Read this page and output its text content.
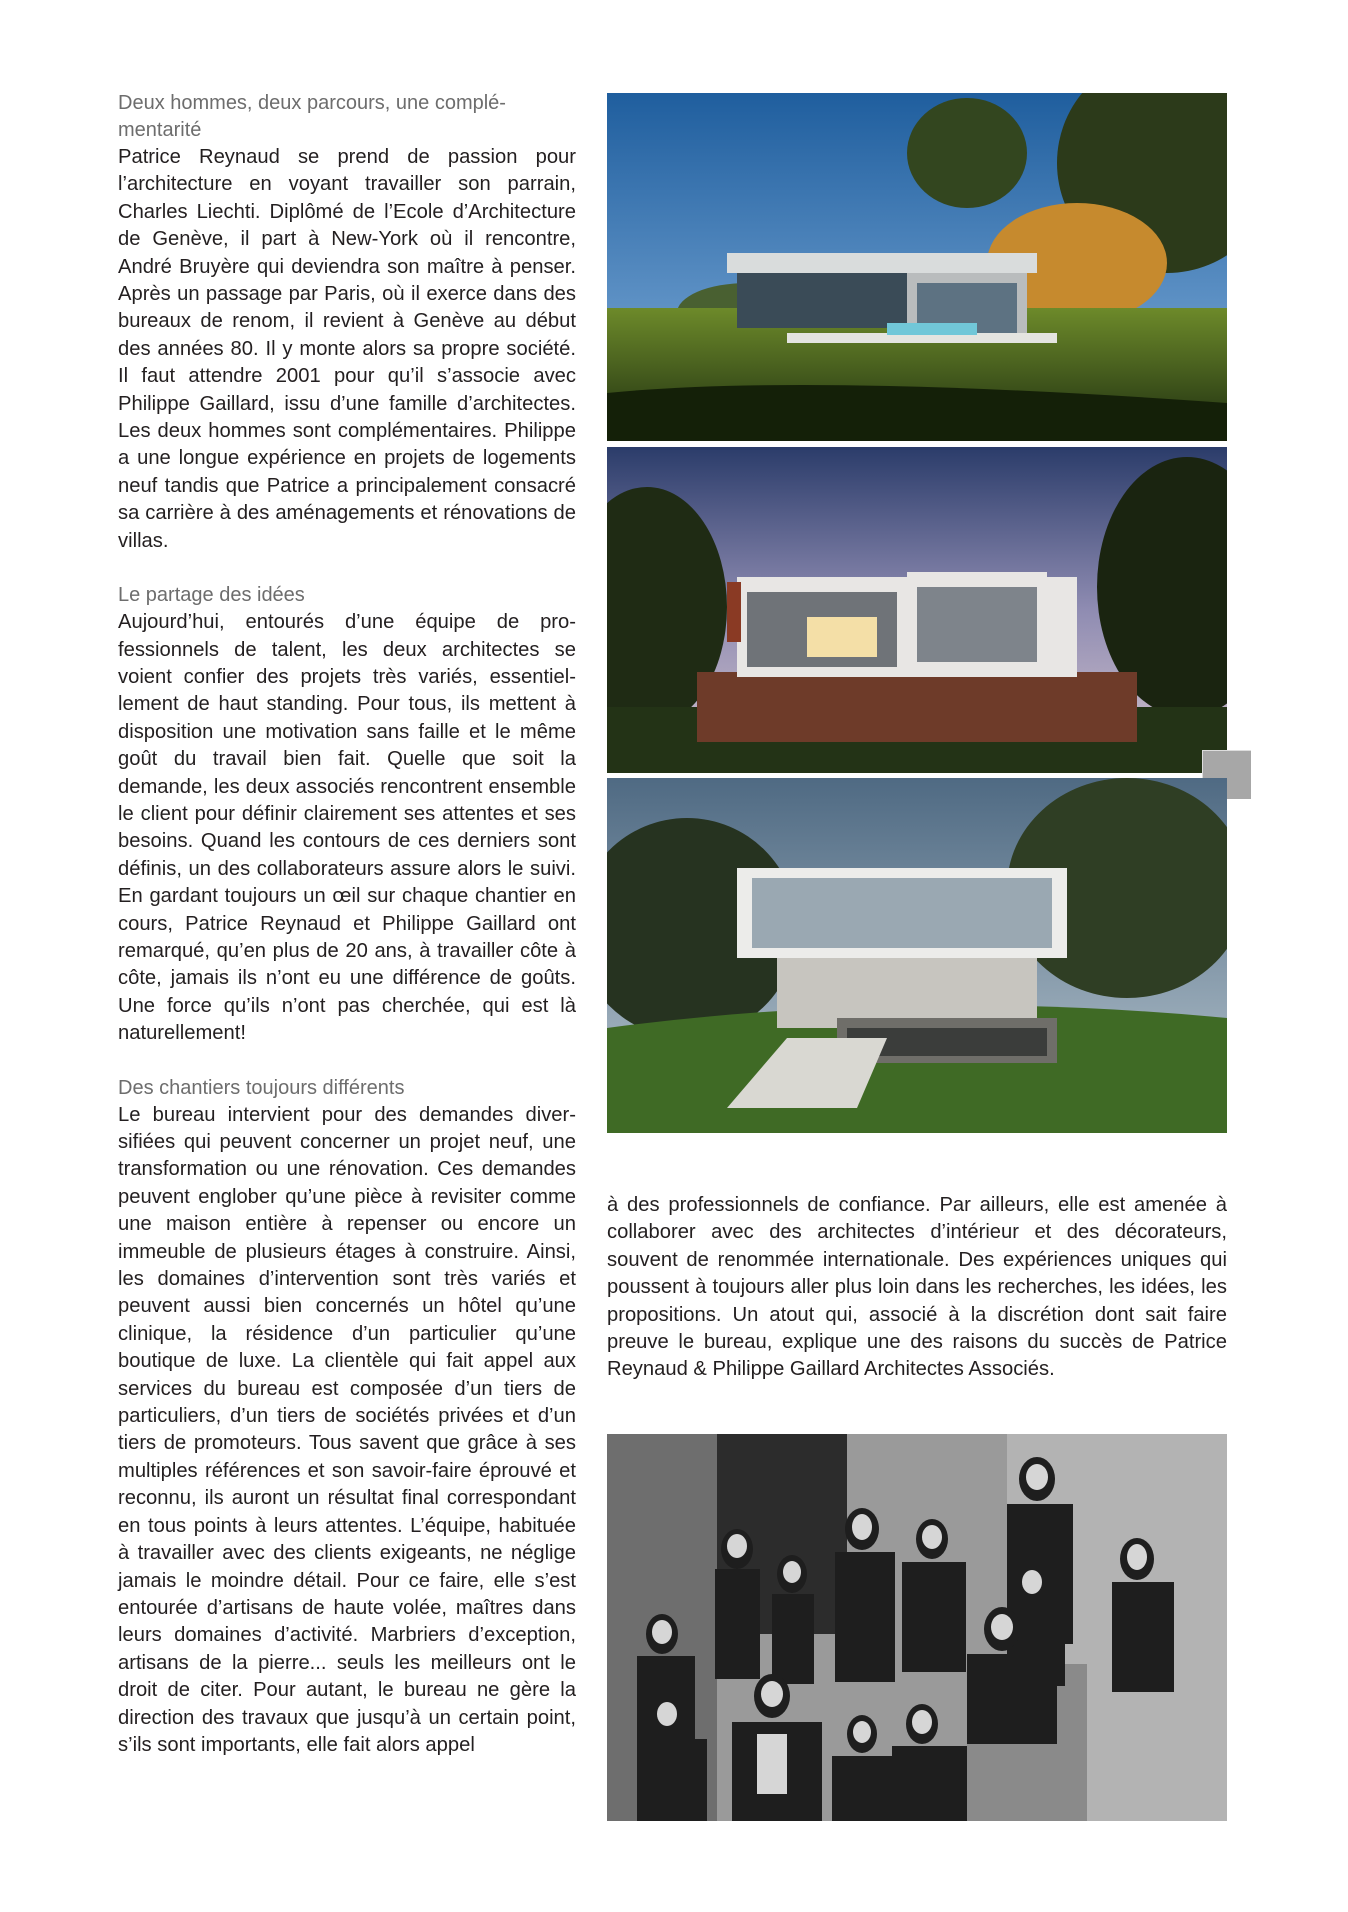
Deux hommes, deux parcours, une complé-
mentarité

Patrice Reynaud se prend de passion pour l’architecture en voyant travailler son parrain, Charles Liechti. Diplômé de l’Ecole d’Architecture de Genève, il part à New-York où il rencontre, André Bruyère qui deviendra son maître à penser. Après un passage par Paris, où il exerce dans des bureaux de renom, il revient à Genève au début des années 80. Il y monte alors sa propre société. Il faut attendre 2001 pour qu’il s’associe avec Philippe Gaillard, issu d’une famille d’architectes. Les deux hommes sont complémentaires. Philippe a une longue expérience en projets de logements neuf tandis que Patrice a principalement consacré sa carrière à des aménagements et rénovations de villas.

Le partage des idées

Aujourd’hui, entourés d’une équipe de professionnels de talent, les deux architectes se voient confier des projets très variés, essentiellement de haut standing. Pour tous, ils mettent à disposition une motivation sans faille et le même goût du travail bien fait. Quelle que soit la demande, les deux associés rencontrent ensemble le client pour définir clairement ses attentes et ses besoins. Quand les contours de ces derniers sont définis, un des collaborateurs assure alors le suivi. En gardant toujours un œil sur chaque chantier en cours, Patrice Reynaud et Philippe Gaillard ont remarqué, qu’en plus de 20 ans, à travailler côte à côte, jamais ils n’ont eu une différence de goûts. Une force qu’ils n’ont pas cherchée, qui est là naturellement!

Des chantiers toujours différents

Le bureau intervient pour des demandes diversifiées qui peuvent concerner un projet neuf, une transformation ou une rénovation. Ces demandes peuvent englober qu’une pièce à revisiter comme une maison entière à repenser ou encore un immeuble de plusieurs étages à construire. Ainsi, les domaines d’intervention sont très variés et peuvent aussi bien concernés un hôtel qu’une clinique, la résidence d’un particulier qu’une boutique de luxe. La clientèle qui fait appel aux services du bureau est composée d’un tiers de particuliers, d’un tiers de sociétés privées et d’un tiers de promoteurs. Tous savent que grâce à ses multiples références et son savoir-faire éprouvé et reconnu, ils auront un résultat final correspondant en tous points à leurs attentes. L’équipe, habituée à travailler avec des clients exigeants, ne néglige jamais le moindre détail. Pour ce faire, elle s’est entourée d’artisans de haute volée, maîtres dans leurs domaines d’activité. Marbriers d’exception, artisans de la pierre... seuls les meilleurs ont le droit de citer. Pour autant, le bureau ne gère la direction des travaux que jusqu’à un certain point, s’ils sont importants, elle fait alors appel

à des professionnels de confiance. Par ailleurs, elle est amenée à collaborer avec des architectes d’intérieur et des décorateurs, souvent de renommée internationale. Des expériences uniques qui poussent à toujours aller plus loin dans les recherches, les idées, les propositions. Un atout qui, associé à la discrétion dont sait faire preuve le bureau, explique une des raisons du succès de Patrice Reynaud & Philippe Gaillard Architectes Associés.
